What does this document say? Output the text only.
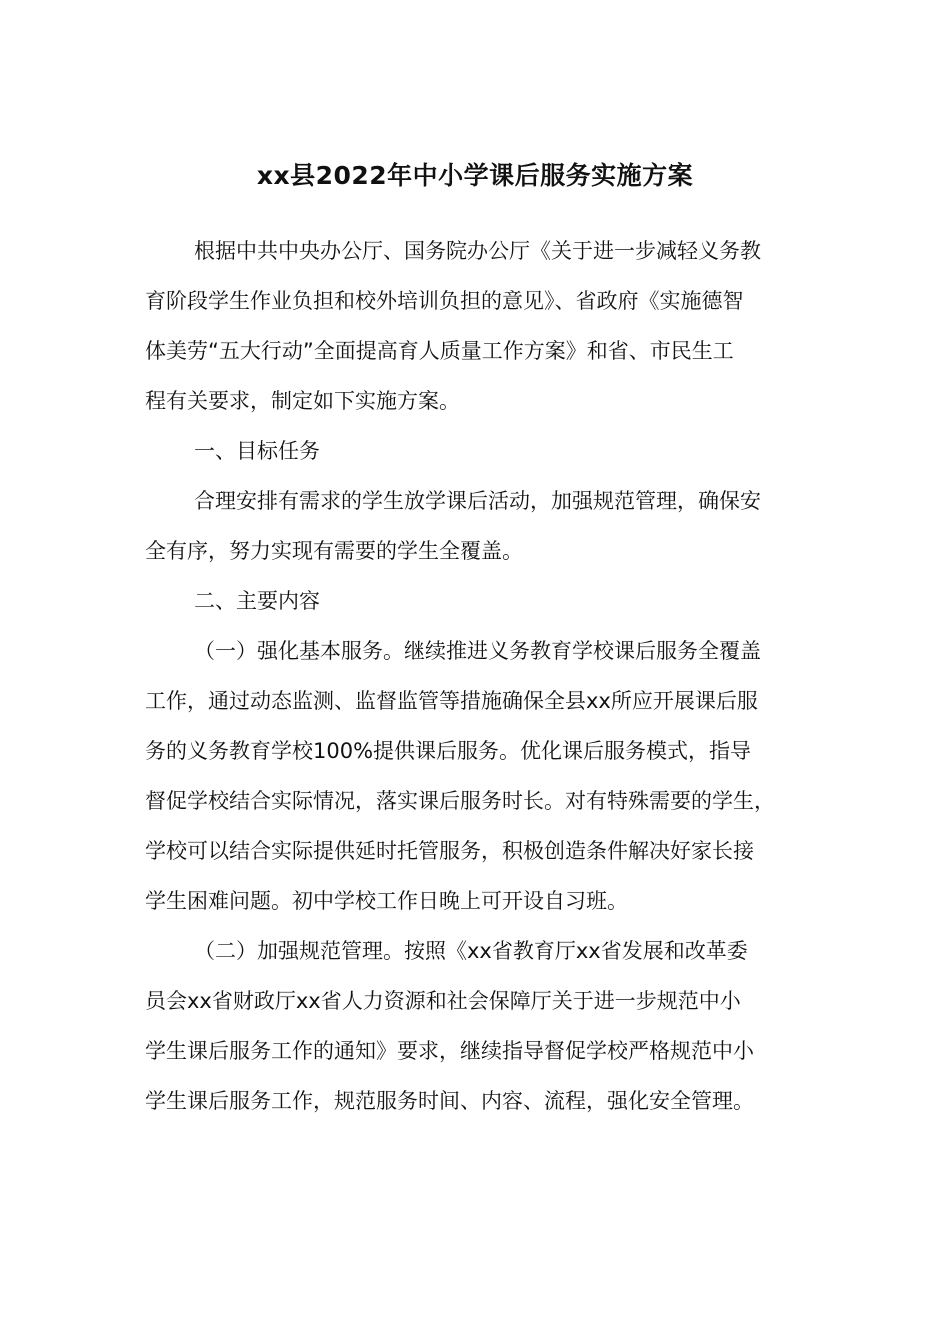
xx县2022年中小学课后服务实施方案
根据中共中央办公厅、国务院办公厅《关于进一步减轻义务教
育阶段学生作业负担和校外培训负担的意见》、省政府《实施德智
体美劳“五大行动”全面提高育人质量工作方案》和省、市民生工
程有关要求，制定如下实施方案。
一、目标任务
合理安排有需求的学生放学课后活动，加强规范管理，确保安
全有序，努力实现有需要的学生全覆盖。
二、主要内容
（一）强化基本服务。继续推进义务教育学校课后服务全覆盖
工作，通过动态监测、监督监管等措施确保全县xx所应开展课后服
务的义务教育学校100%提供课后服务。优化课后服务模式，指导
督促学校结合实际情况，落实课后服务时长。对有特殊需要的学生，
学校可以结合实际提供延时托管服务，积极创造条件解决好家长接
学生困难问题。初中学校工作日晚上可开设自习班。
（二）加强规范管理。按照《xx省教育厅xx省发展和改革委
员会xx省财政厅xx省人力资源和社会保障厅关于进一步规范中小
学生课后服务工作的通知》要求，继续指导督促学校严格规范中小
学生课后服务工作，规范服务时间、内容、流程，强化安全管理。
